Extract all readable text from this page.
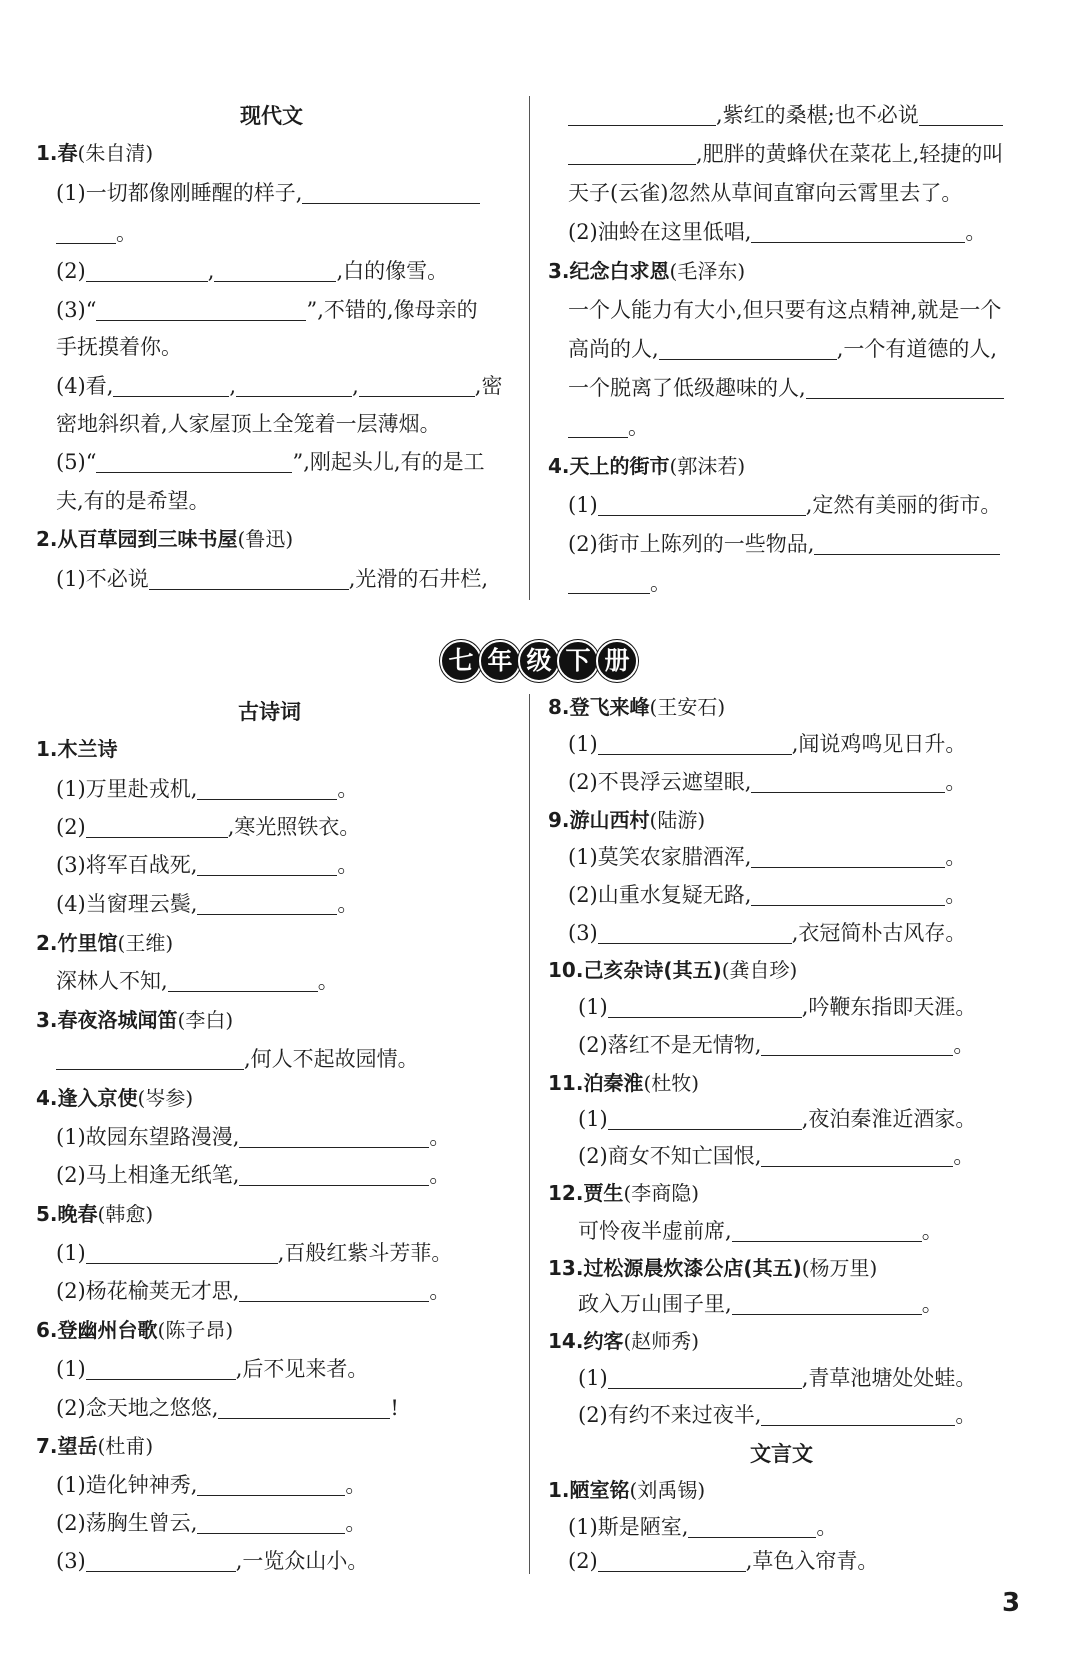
现代文
1.春(朱自清)
(1)一切都像刚睡醒的样子,
。
(2)	,	,白的像雪。
(3)“	”,不错的,像母亲的
手抚摸着你。
(4)看,	,	,	,密
密地斜织着,人家屋顶上全笼着一层薄烟。
(5)“	”,刚起头儿,有的是工
夫,有的是希望。
2.从百草园到三味书屋(鲁迅)
(1)不必说	,光滑的石井栏,
,紫红的桑椹;也不必说
,肥胖的黄蜂伏在菜花上,轻捷的叫
天子(云雀)忽然从草间直窜向云霄里去了。
(2)油蛉在这里低唱,	。
3.纪念白求恩(毛泽东)
一个人能力有大小,但只要有这点精神,就是一个
高尚的人,	,一个有道德的人,
一个脱离了低级趣味的人,
。
4.天上的街市(郭沫若)
(1)	,定然有美丽的街市。
(2)街市上陈列的一些物品,
。
七 年 级 下 册
古诗词
1.木兰诗
(1)万里赴戎机,	。
(2)	,寒光照铁衣。
(3)将军百战死,	。
(4)当窗理云鬓,	。
2.竹里馆(王维)
深林人不知,	。
3.春夜洛城闻笛(李白)
,何人不起故园情。
4.逢入京使(岑参)
(1)故园东望路漫漫,	。
(2)马上相逢无纸笔,	。
5.晚春(韩愈)
(1)	,百般红紫斗芳菲。
(2)杨花榆荚无才思,	。
6.登幽州台歌(陈子昂)
(1)	,后不见来者。
(2)念天地之悠悠,	!
7.望岳(杜甫)
(1)造化钟神秀,	。
(2)荡胸生曾云,	。
(3)	,一览众山小。
8.登飞来峰(王安石)
(1)	,闻说鸡鸣见日升。
(2)不畏浮云遮望眼,	。
9.游山西村(陆游)
(1)莫笑农家腊酒浑,	。
(2)山重水复疑无路,	。
(3)	,衣冠简朴古风存。
10.己亥杂诗(其五)(龚自珍)
(1)	,吟鞭东指即天涯。
(2)落红不是无情物,	。
11.泊秦淮(杜牧)
(1)	,夜泊秦淮近酒家。
(2)商女不知亡国恨,	。
12.贾生(李商隐)
可怜夜半虚前席,	。
13.过松源晨炊漆公店(其五)(杨万里)
政入万山围子里,	。
14.约客(赵师秀)
(1)	,青草池塘处处蛙。
(2)有约不来过夜半,	。
文言文
1.陋室铭(刘禹锡)
(1)斯是陋室,	。
(2)	,草色入帘青。
3
